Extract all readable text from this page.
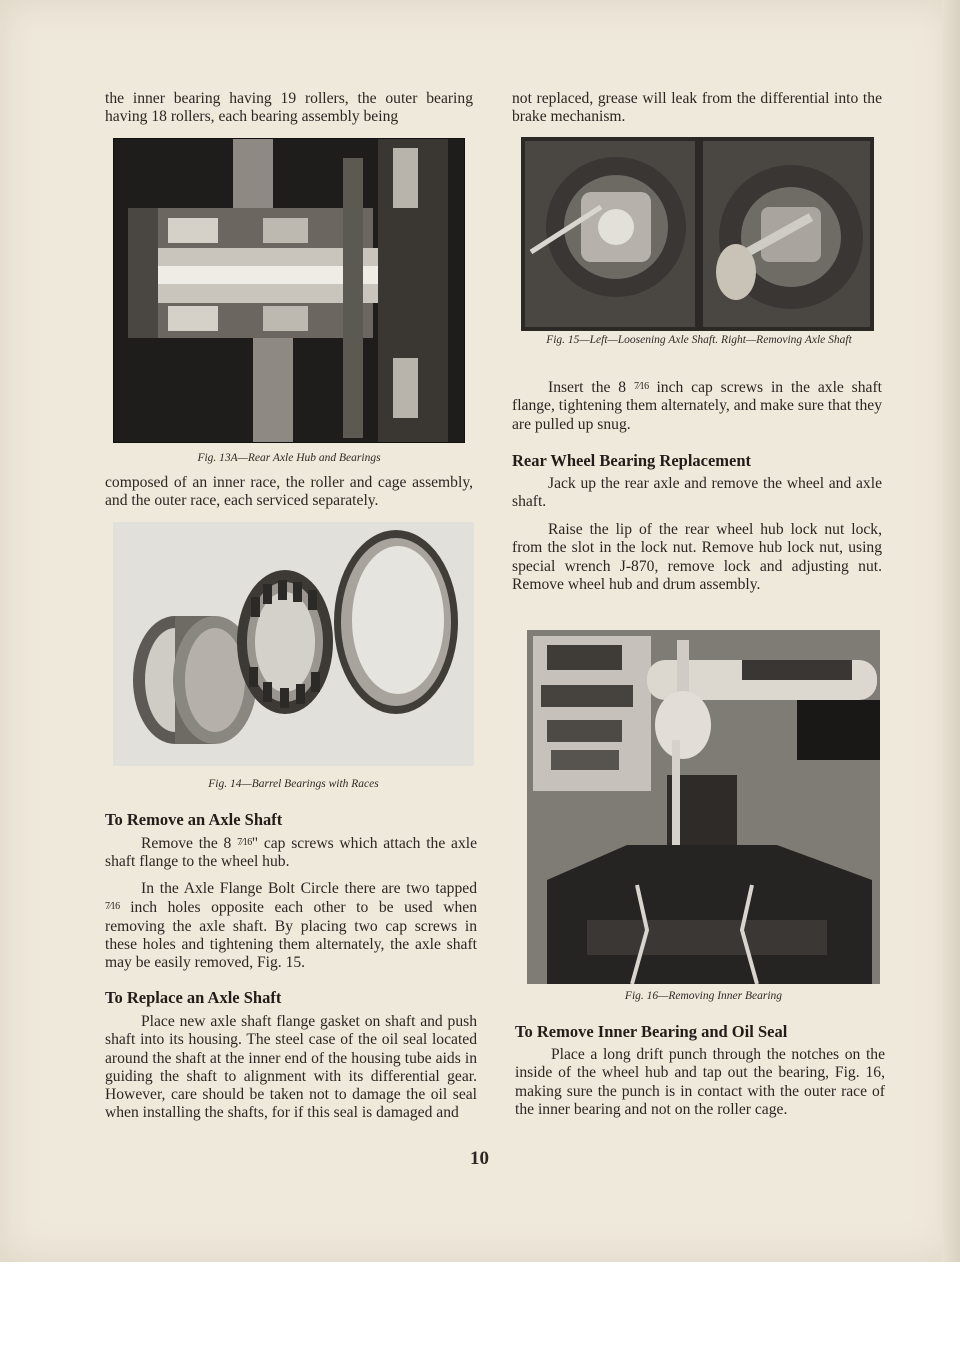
the inner bearing having 19 rollers, the outer bearing having 18 rollers, each bearing assembly being

Fig. 13A—Rear Axle Hub and Bearings

composed of an inner race, the roller and cage assembly, and the outer race, each serviced separately.

Fig. 14—Barrel Bearings with Races

To Remove an Axle Shaft

Remove the 8 7⁄16" cap screws which attach the axle shaft flange to the wheel hub.

In the Axle Flange Bolt Circle there are two tapped 7⁄16 inch holes opposite each other to be used when removing the axle shaft. By placing two cap screws in these holes and tightening them alternately, the axle shaft may be easily removed, Fig. 15.

To Replace an Axle Shaft

Place new axle shaft flange gasket on shaft and push shaft into its housing. The steel case of the oil seal located around the shaft at the inner end of the housing tube aids in guiding the shaft to alignment with its differential gear. However, care should be taken not to damage the oil seal when installing the shafts, for if this seal is damaged and

10

not replaced, grease will leak from the differential into the brake mechanism.

Fig. 15—Left—Loosening Axle Shaft. Right—Removing Axle Shaft

Insert the 8 7⁄16 inch cap screws in the axle shaft flange, tightening them alternately, and make sure that they are pulled up snug.

Rear Wheel Bearing Replacement

Jack up the rear axle and remove the wheel and axle shaft.

Raise the lip of the rear wheel hub lock nut lock, from the slot in the lock nut. Remove hub lock nut, using special wrench J-870, remove lock and adjusting nut. Remove wheel hub and drum assembly.

Fig. 16—Removing Inner Bearing

To Remove Inner Bearing and Oil Seal

Place a long drift punch through the notches on the inside of the wheel hub and tap out the bearing, Fig. 16, making sure the punch is in contact with the outer race of the inner bearing and not on the roller cage.
